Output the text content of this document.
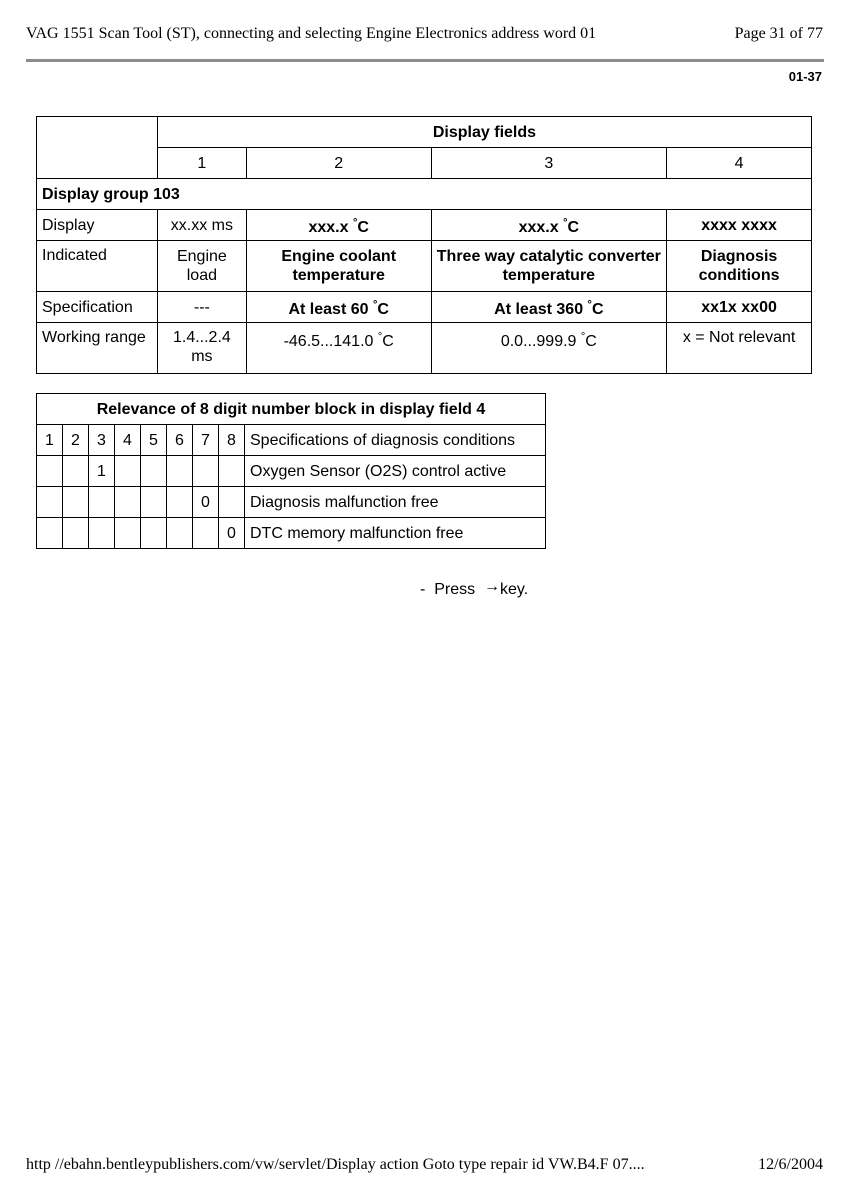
VAG 1551 Scan Tool (ST), connecting and selecting Engine Electronics address word 01	Page 31 of 77
01-37
	Display fields			
	1	2	3	4
Display group 103				
Display	xx.xx ms	xxx.x °C	xxx.x °C	xxxx xxxx
Indicated	Engine load	Engine coolant temperature	Three way catalytic converter temperature	Diagnosis conditions
Specification	---	At least 60 °C	At least 360 °C	xx1x xx00
Working range	1.4...2.4 ms	-46.5...141.0 °C	0.0...999.9 °C	x = Not relevant
Relevance of 8 digit number block in display field 4								
1	2	3	4	5	6	7	8	Specifications of diagnosis conditions
		1						Oxygen Sensor (O2S) control active
						0		Diagnosis malfunction free
							0	DTC memory malfunction free
- Press →key.
http //ebahn.bentleypublishers.com/vw/servlet/Display action Goto type repair id VW.B4.F 07....	12/6/2004
